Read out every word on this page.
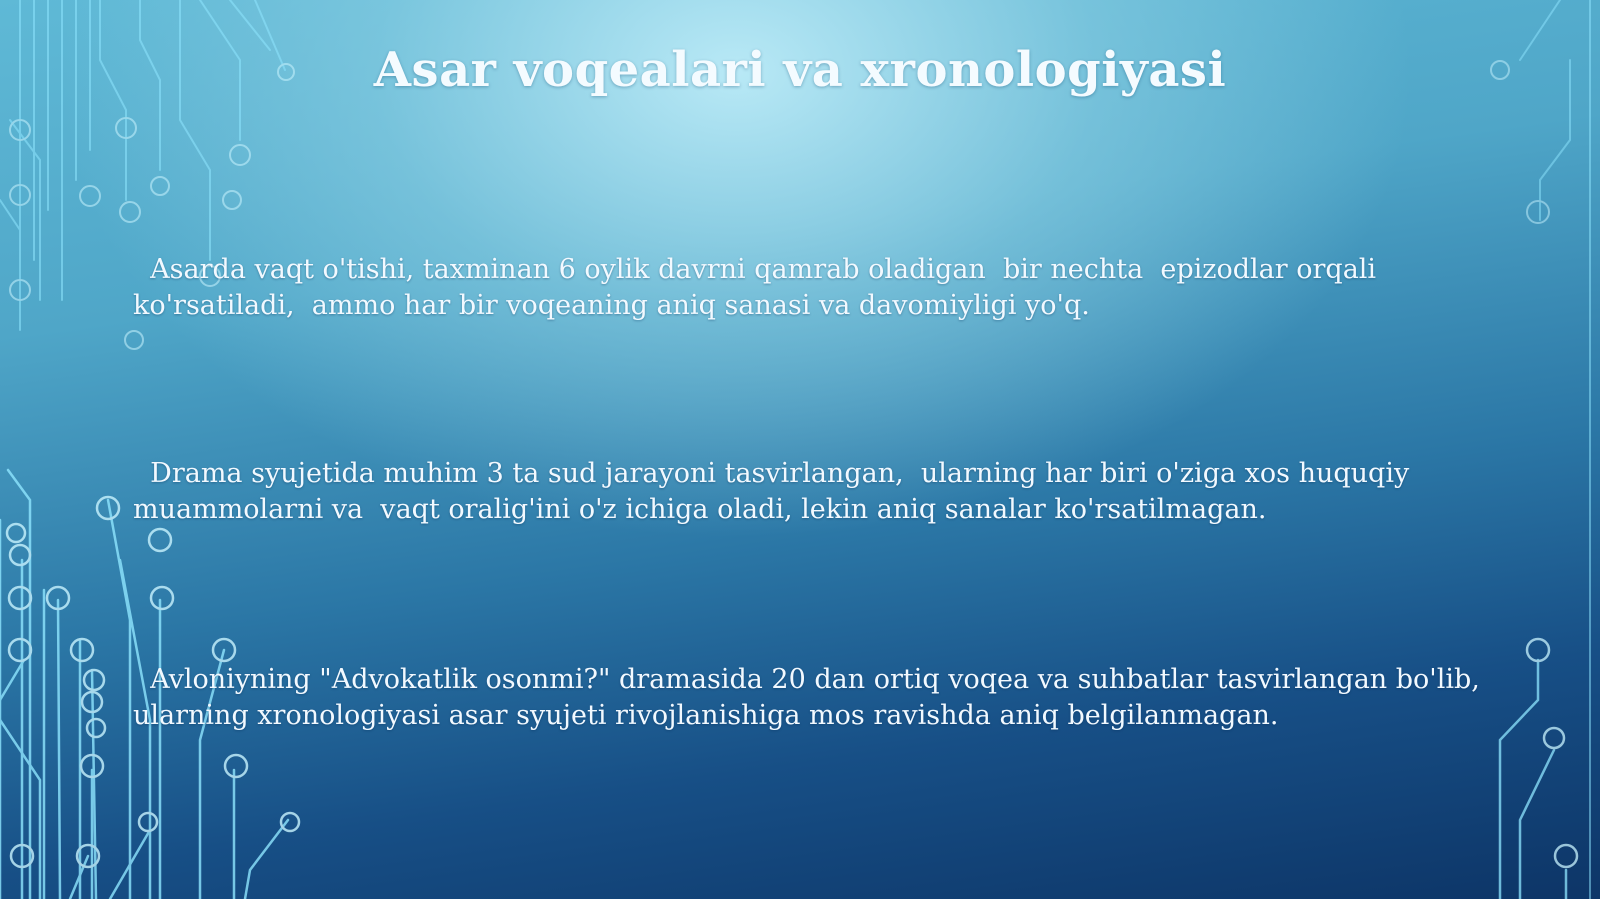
Asar voqealari va xronologiyasi

Asarda vaqt o'tishi, taxminan 6 oylik davrni qamrab oladigan  bir nechta  epizodlar orqali ko'rsatiladi,  ammo har bir voqeaning aniq sanasi va davomiyligi yo'q.

Drama syujetida muhim 3 ta sud jarayoni tasvirlangan,  ularning har biri o'ziga xos huquqiy muammolarni va  vaqt oralig'ini o'z ichiga oladi, lekin aniq sanalar ko'rsatilmagan.

Avloniyning "Advokatlik osonmi?" dramasida 20 dan ortiq voqea va suhbatlar tasvirlangan bo'lib, ularning xronologiyasi asar syujeti rivojlanishiga mos ravishda aniq belgilanmagan.
